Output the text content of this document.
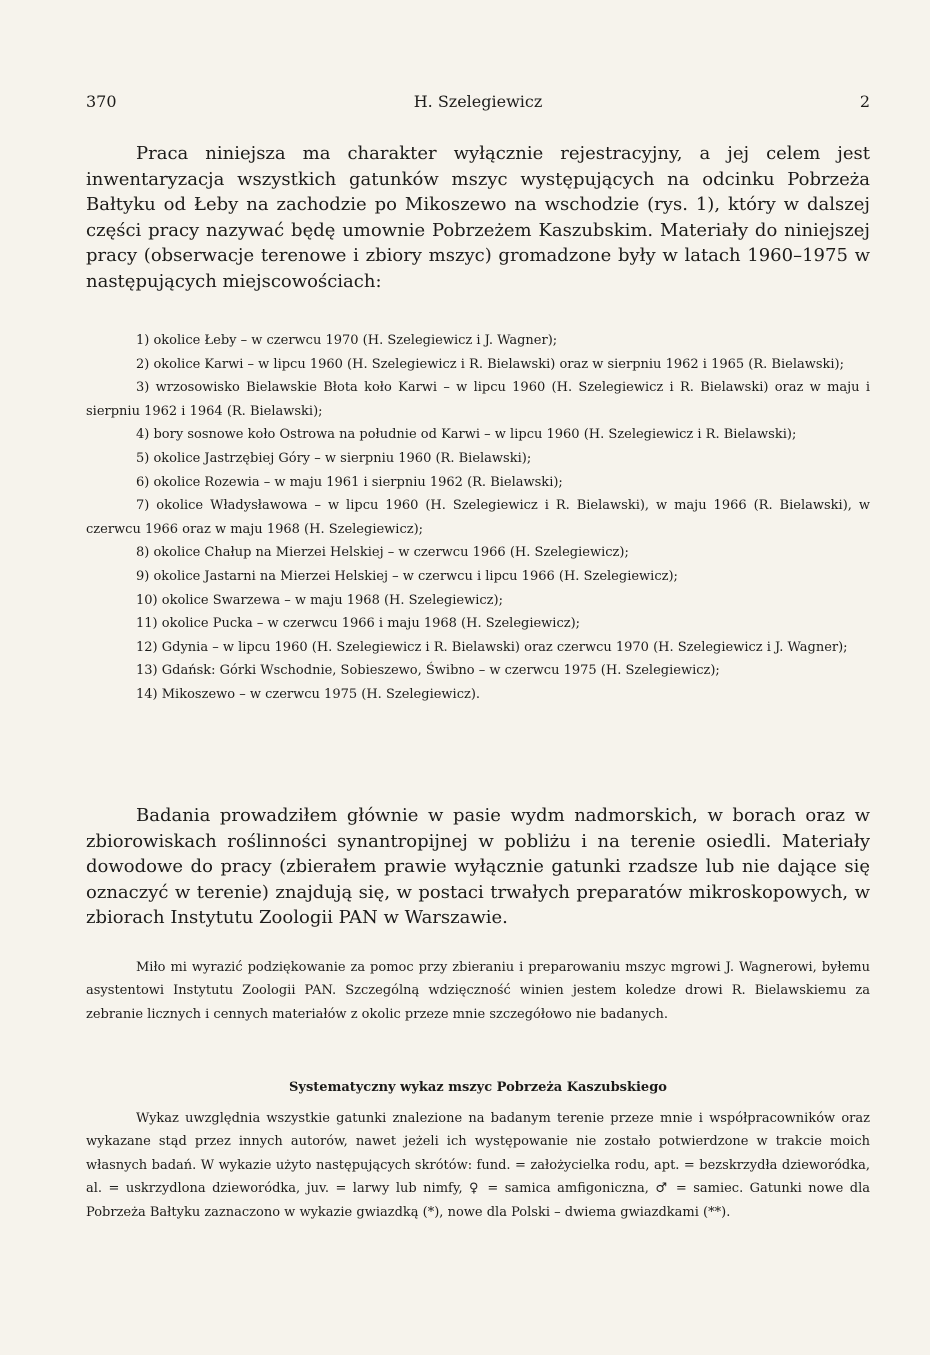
370	H. Szelegiewicz	2

Praca niniejsza ma charakter wyłącznie rejestracyjny, a jej celem jest inwentaryzacja wszystkich gatunków mszyc występujących na odcinku Pobrzeża Bałtyku od Łeby na zachodzie po Mikoszewo na wschodzie (rys. 1), który w dalszej części pracy nazywać będę umownie Pobrzeżem Kaszubskim. Materiały do niniejszej pracy (obserwacje terenowe i zbiory mszyc) gromadzone były w latach 1960–1975 w następujących miejscowościach:

1) okolice Łeby – w czerwcu 1970 (H. Szelegiewicz i J. Wagner);

2) okolice Karwi – w lipcu 1960 (H. Szelegiewicz i R. Bielawski) oraz w sierpniu 1962 i 1965 (R. Bielawski);

3) wrzosowisko Bielawskie Błota koło Karwi – w lipcu 1960 (H. Szelegiewicz i R. Bielawski) oraz w maju i sierpniu 1962 i 1964 (R. Bielawski);

4) bory sosnowe koło Ostrowa na południe od Karwi – w lipcu 1960 (H. Szelegiewicz i R. Bielawski);

5) okolice Jastrzębiej Góry – w sierpniu 1960 (R. Bielawski);

6) okolice Rozewia – w maju 1961 i sierpniu 1962 (R. Bielawski);

7) okolice Władysławowa – w lipcu 1960 (H. Szelegiewicz i R. Bielawski), w maju 1966 (R. Bielawski), w czerwcu 1966 oraz w maju 1968 (H. Szelegiewicz);

8) okolice Chałup na Mierzei Helskiej – w czerwcu 1966 (H. Szelegiewicz);

9) okolice Jastarni na Mierzei Helskiej – w czerwcu i lipcu 1966 (H. Szelegiewicz);

10) okolice Swarzewa – w maju 1968 (H. Szelegiewicz);

11) okolice Pucka – w czerwcu 1966 i maju 1968 (H. Szelegiewicz);

12) Gdynia – w lipcu 1960 (H. Szelegiewicz i R. Bielawski) oraz czerwcu 1970 (H. Szelegiewicz i J. Wagner);

13) Gdańsk: Górki Wschodnie, Sobieszewo, Świbno – w czerwcu 1975 (H. Szelegiewicz);

14) Mikoszewo – w czerwcu 1975 (H. Szelegiewicz).

Badania prowadziłem głównie w pasie wydm nadmorskich, w borach oraz w zbiorowiskach roślinności synantropijnej w pobliżu i na terenie osiedli. Materiały dowodowe do pracy (zbierałem prawie wyłącznie gatunki rzadsze lub nie dające się oznaczyć w terenie) znajdują się, w postaci trwałych preparatów mikroskopowych, w zbiorach Instytutu Zoologii PAN w Warszawie.

Miło mi wyrazić podziękowanie za pomoc przy zbieraniu i preparowaniu mszyc mgrowi J. Wagnerowi, byłemu asystentowi Instytutu Zoologii PAN. Szczególną wdzięczność winien jestem koledze drowi R. Bielawskiemu za zebranie licznych i cennych materiałów z okolic przeze mnie szczegółowo nie badanych.

Systematyczny wykaz mszyc Pobrzeża Kaszubskiego

Wykaz uwzględnia wszystkie gatunki znalezione na badanym terenie przeze mnie i współpracowników oraz wykazane stąd przez innych autorów, nawet jeżeli ich występowanie nie zostało potwierdzone w trakcie moich własnych badań. W wykazie użyto następujących skrótów: fund. = założycielka rodu, apt. = bezskrzydła dzieworódka, al. = uskrzydlona dzieworódka, juv. = larwy lub nimfy, ♀ = samica amfigoniczna, ♂ = samiec. Gatunki nowe dla Pobrzeża Bałtyku zaznaczono w wykazie gwiazdką (*), nowe dla Polski – dwiema gwiazdkami (**).
